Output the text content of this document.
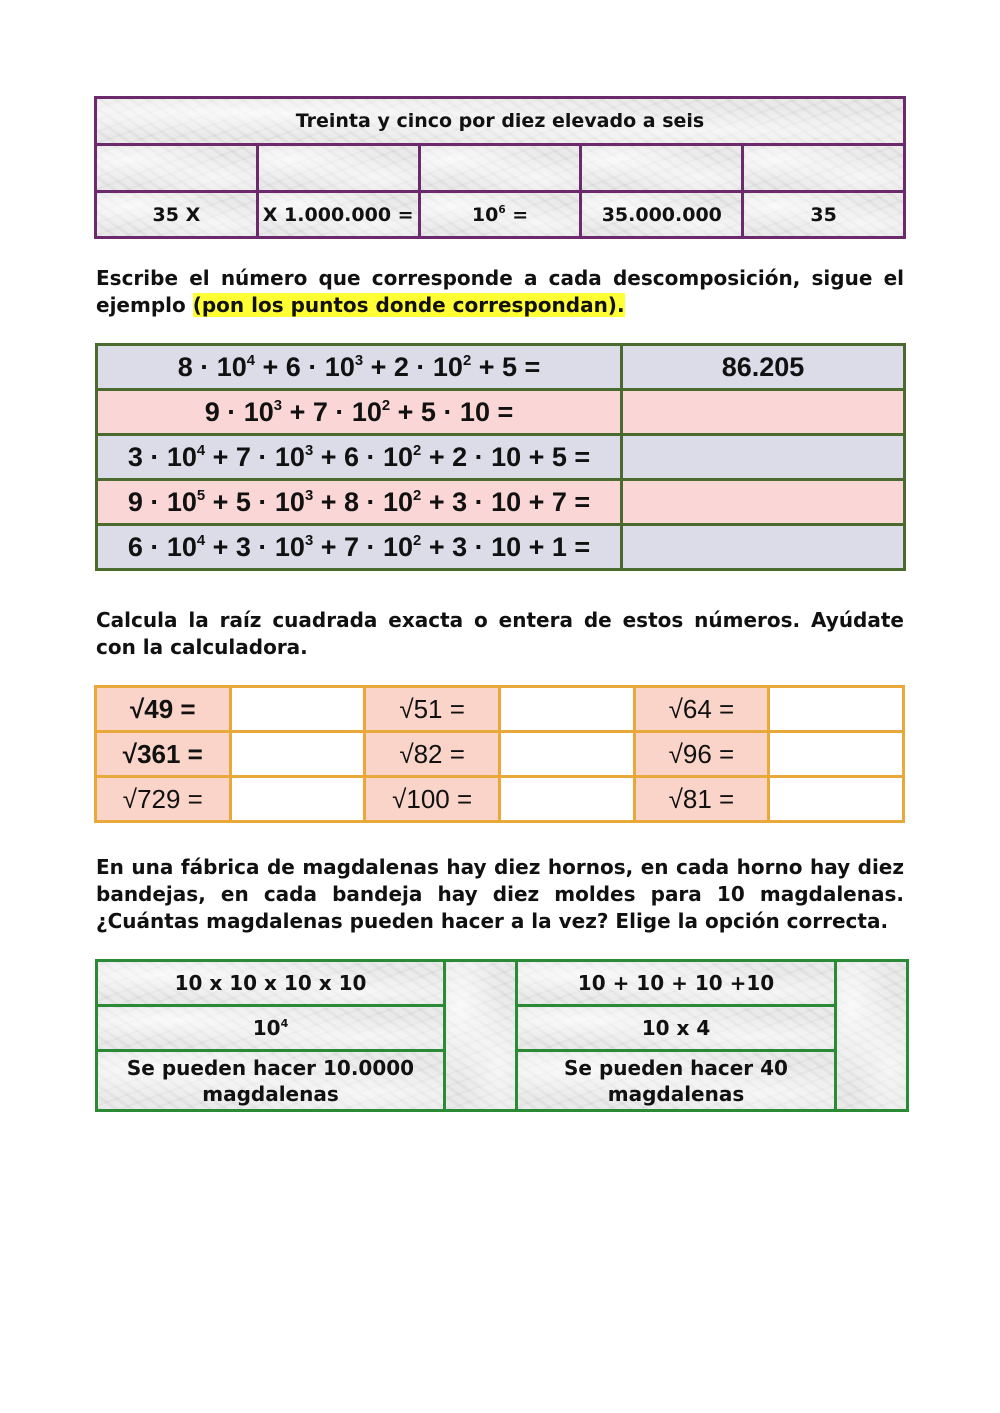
Treinta y cinco por diez elevado a seis				

35 X	X 1.000.000 =	$10^6$ =	35.000.000	35
Escribe el número que corresponde a cada descomposición, sigue el ejemplo (pon los puntos donde correspondan).
$8 \cdot 10^4 + 6 \cdot 10^3 + 2 \cdot 10^2 + 5$ =	86.205
$9 \cdot 10^3 + 7 \cdot 10^2 + 5 \cdot 10$ =	
$3 \cdot 10^4 + 7 \cdot 10^3 + 6 \cdot 10^2 + 2 \cdot 10 + 5$ =	
$9 \cdot 10^5 + 5 \cdot 10^3 + 8 \cdot 10^2 + 3 \cdot 10 + 7$ =	
$6 \cdot 10^4 + 3 \cdot 10^3 + 7 \cdot 10^2 + 3 \cdot 10 + 1$ =	
Calcula la raíz cuadrada exacta o entera de estos números. Ayúdate con la calculadora.
√49 =		√51 =		√64 =	
√361 =		√82 =		√96 =	
√729 =		√100 =		√81 =	
En una fábrica de magdalenas hay diez hornos, en cada horno hay diez bandejas, en cada bandeja hay diez moldes para 10 magdalenas. ¿Cuántas magdalenas pueden hacer a la vez? Elige la opción correcta.
10 x 10 x 10 x 10		10 + 10 + 10 +10	
$10^4$		10 x 4	
Se pueden hacer 10.0000 magdalenas		Se pueden hacer 40 magdalenas	
